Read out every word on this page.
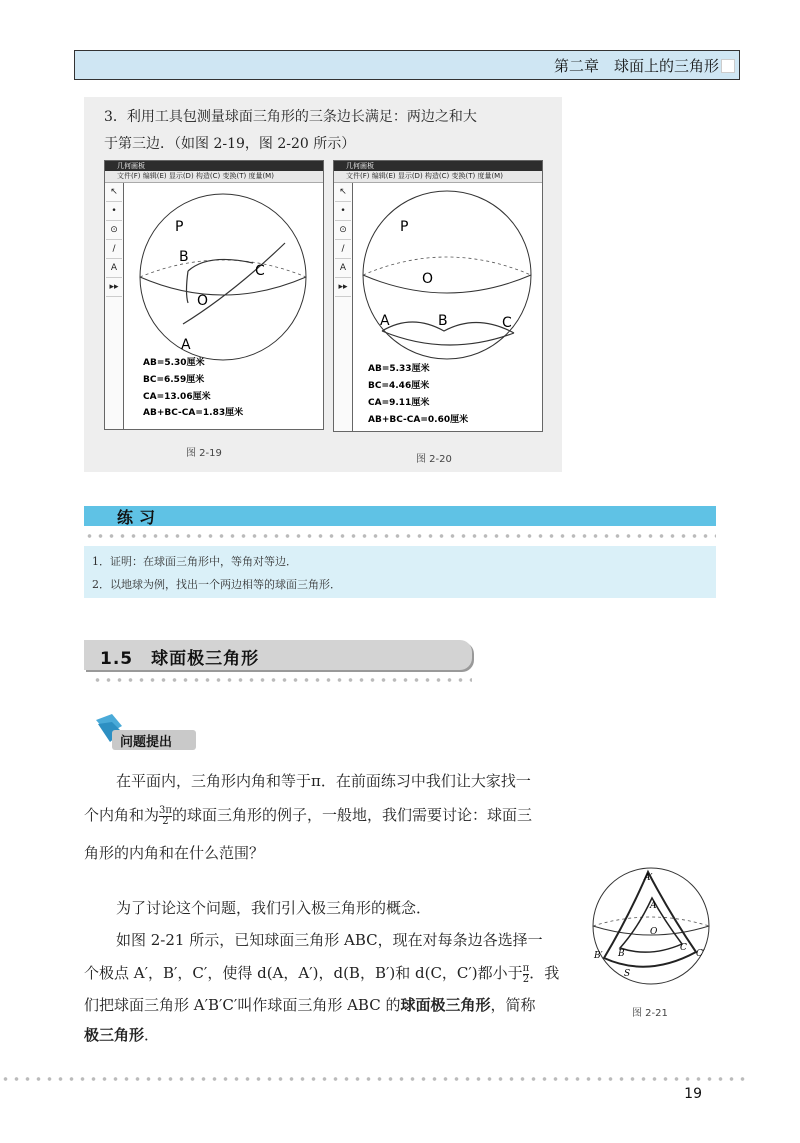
第二章　球面上的三角形
3．利用工具包测量球面三角形的三条边长满足：两边之和大
于第三边．（如图 2-19，图 2-20 所示）
几何画板
文件(F) 编辑(E) 显示(D) 构造(C) 变换(T) 度量(M)
↖
•
⊙
/
A
▸▸
P
B
C
O
A
AB=5.30厘米
BC=6.59厘米
CA=13.06厘米
AB+BC-CA=1.83厘米
图 2-19
几何画板
文件(F) 编辑(E) 显示(D) 构造(C) 变换(T) 度量(M)
↖
•
⊙
/
A
▸▸
P
O
A	B	C
AB=5.33厘米
BC=4.46厘米
CA=9.11厘米
AB+BC-CA=0.60厘米
图 2-20
练习
1．证明：在球面三角形中，等角对等边．
2．以地球为例，找出一个两边相等的球面三角形．
1.5　球面极三角形
问题提出
在平面内，三角形内角和等于π．在前面练习中我们让大家找一
个内角和为 $\frac{3\pi}{2}$ 的球面三角形的例子，一般地，我们需要讨论：球面三
角形的内角和在什么范围？
为了讨论这个问题，我们引入极三角形的概念．
如图 2-21 所示，已知球面三角形 ABC，现在对每条边各选择一
个极点 A′，B′，C′，使得 d(A，A′)，d(B，B′)和 d(C，C′)都小于 $\frac{\pi}{2}$ ．我
们把球面三角形 A′B′C′叫作球面三角形 ABC 的球面极三角形，简称
极三角形．
A′
A
O
B
B′
C
C′
S
图 2-21
19
